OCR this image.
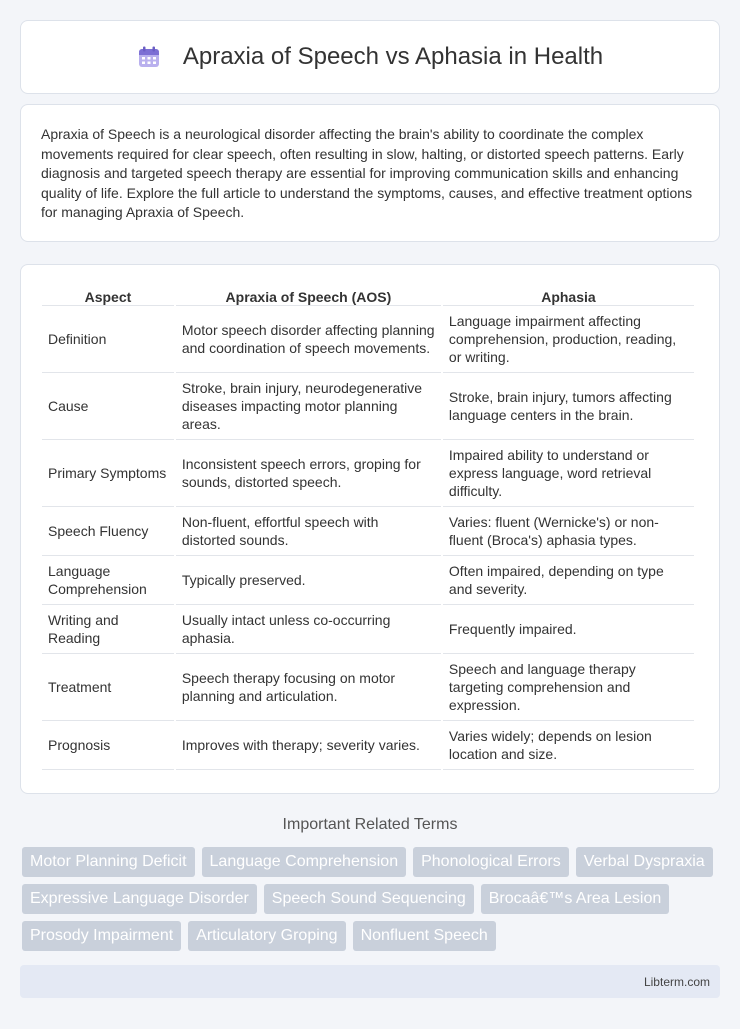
Apraxia of Speech vs Aphasia in Health

Apraxia of Speech is a neurological disorder affecting the brain's ability to coordinate the complex movements required for clear speech, often resulting in slow, halting, or distorted speech patterns. Early diagnosis and targeted speech therapy are essential for improving communication skills and enhancing quality of life. Explore the full article to understand the symptoms, causes, and effective treatment options for managing Apraxia of Speech.

Aspect	Apraxia of Speech (AOS)	Aphasia
Definition	Motor speech disorder affecting planning and coordination of speech movements.	Language impairment affecting comprehension, production, reading, or writing.
Cause	Stroke, brain injury, neurodegenerative diseases impacting motor planning areas.	Stroke, brain injury, tumors affecting language centers in the brain.
Primary Symptoms	Inconsistent speech errors, groping for sounds, distorted speech.	Impaired ability to understand or express language, word retrieval difficulty.
Speech Fluency	Non-fluent, effortful speech with distorted sounds.	Varies: fluent (Wernicke's) or non-fluent (Broca's) aphasia types.
Language Comprehension	Typically preserved.	Often impaired, depending on type and severity.
Writing and Reading	Usually intact unless co-occurring aphasia.	Frequently impaired.
Treatment	Speech therapy focusing on motor planning and articulation.	Speech and language therapy targeting comprehension and expression.
Prognosis	Improves with therapy; severity varies.	Varies widely; depends on lesion location and size.
Important Related Terms
Motor Planning Deficit	Language Comprehension	Phonological Errors	Verbal Dyspraxia
Expressive Language Disorder	Speech Sound Sequencing	Brocaâ€™s Area Lesion
Prosody Impairment	Articulatory Groping	Nonfluent Speech
Libterm.com
